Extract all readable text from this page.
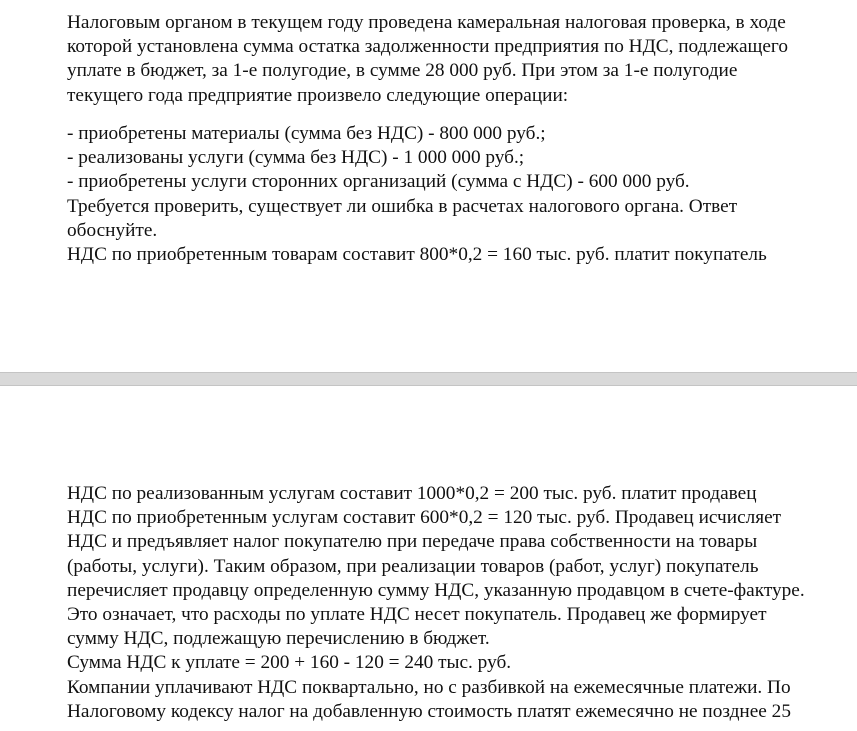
Налоговым органом в текущем году проведена камеральная налоговая проверка, в ходе
которой установлена сумма остатка задолженности предприятия по НДС, подлежащего
уплате в бюджет, за 1-е полугодие, в сумме 28 000 руб. При этом за 1-е полугодие
текущего года предприятие произвело следующие операции:
- приобретены материалы (сумма без НДС) - 800 000 руб.;
- реализованы услуги (сумма без НДС) - 1 000 000 руб.;
- приобретены услуги сторонних организаций (сумма с НДС) - 600 000 руб.
Требуется проверить, существует ли ошибка в расчетах налогового органа. Ответ
обоснуйте.
НДС по приобретенным товарам составит 800*0,2 = 160 тыс. руб. платит покупатель
НДС по реализованным услугам составит 1000*0,2 = 200 тыс. руб. платит продавец
НДС по приобретенным услугам составит 600*0,2 = 120 тыс. руб. Продавец исчисляет
НДС и предъявляет налог покупателю при передаче права собственности на товары
(работы, услуги). Таким образом, при реализации товаров (работ, услуг) покупатель
перечисляет продавцу определенную сумму НДС, указанную продавцом в счете-фактуре.
Это означает, что расходы по уплате НДС несет покупатель. Продавец же формирует
сумму НДС, подлежащую перечислению в бюджет.
Сумма НДС к уплате = 200 + 160 - 120 = 240 тыс. руб.
Компании уплачивают НДС поквартально, но с разбивкой на ежемесячные платежи. По
Налоговому кодексу налог на добавленную стоимость платят ежемесячно не позднее 25
